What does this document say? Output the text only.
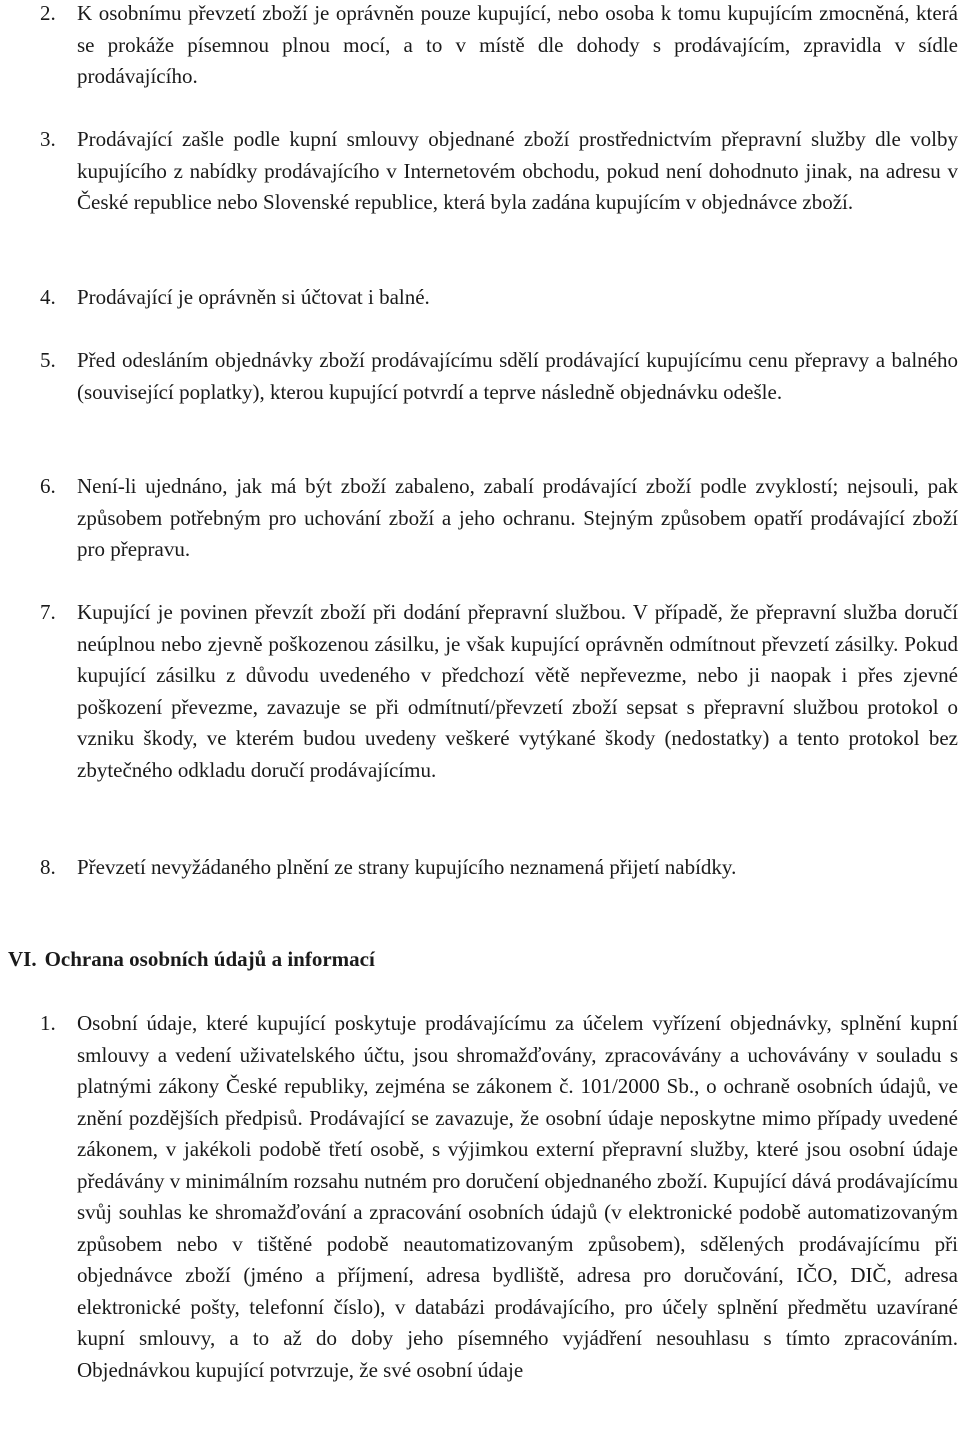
2.	K osobnímu převzetí zboží je oprávněn pouze kupující, nebo osoba k tomu kupujícím zmocněná, která se prokáže písemnou plnou mocí, a to v místě dle dohody s prodávajícím, zpravidla v sídle prodávajícího.

3.	Prodávající zašle podle kupní smlouvy objednané zboží prostřednictvím přepravní služby dle volby kupujícího z nabídky prodávajícího v Internetovém obchodu, pokud není dohodnuto jinak, na adresu v České republice nebo Slovenské republice, která byla zadána kupujícím v objednávce zboží.

4.	Prodávající je oprávněn si účtovat i balné.

5.	Před odesláním objednávky zboží prodávajícímu sdělí prodávající kupujícímu cenu přepravy a balného (související poplatky), kterou kupující potvrdí a teprve následně objednávku odešle.

6.	Není-li ujednáno, jak má být zboží zabaleno, zabalí prodávající zboží podle zvyklostí; nejsouli, pak způsobem potřebným pro uchování zboží a jeho ochranu. Stejným způsobem opatří prodávající zboží pro přepravu.

7.	Kupující je povinen převzít zboží při dodání přepravní službou. V případě, že přepravní služba doručí neúplnou nebo zjevně poškozenou zásilku, je však kupující oprávněn odmítnout převzetí zásilky. Pokud kupující zásilku z důvodu uvedeného v předchozí větě nepřevezme, nebo ji naopak i přes zjevné poškození převezme, zavazuje se při odmítnutí/převzetí zboží sepsat s přepravní službou protokol o vzniku škody, ve kterém budou uvedeny veškeré vytýkané škody (nedostatky) a tento protokol bez zbytečného odkladu doručí prodávajícímu.

8.	Převzetí nevyžádaného plnění ze strany kupujícího neznamená přijetí nabídky.

VI. Ochrana osobních údajů a informací
1.	Osobní údaje, které kupující poskytuje prodávajícímu za účelem vyřízení objednávky, splnění kupní smlouvy a vedení uživatelského účtu, jsou shromažďovány, zpracovávány a uchovávány v souladu s platnými zákony České republiky, zejména se zákonem č. 101/2000 Sb., o ochraně osobních údajů, ve znění pozdějších předpisů. Prodávající se zavazuje, že osobní údaje neposkytne mimo případy uvedené zákonem, v jakékoli podobě třetí osobě, s výjimkou externí přepravní služby, které jsou osobní údaje předávány v minimálním rozsahu nutném pro doručení objednaného zboží. Kupující dává prodávajícímu svůj souhlas ke shromažďování a zpracování osobních údajů (v elektronické podobě automatizovaným způsobem nebo v tištěné podobě neautomatizovaným způsobem), sdělených prodávajícímu při objednávce zboží (jméno a příjmení, adresa bydliště, adresa pro doručování, IČO, DIČ, adresa elektronické pošty, telefonní číslo), v databázi prodávajícího, pro účely splnění předmětu uzavírané kupní smlouvy, a to až do doby jeho písemného vyjádření nesouhlasu s tímto zpracováním. Objednávkou kupující potvrzuje, že své osobní údaje
